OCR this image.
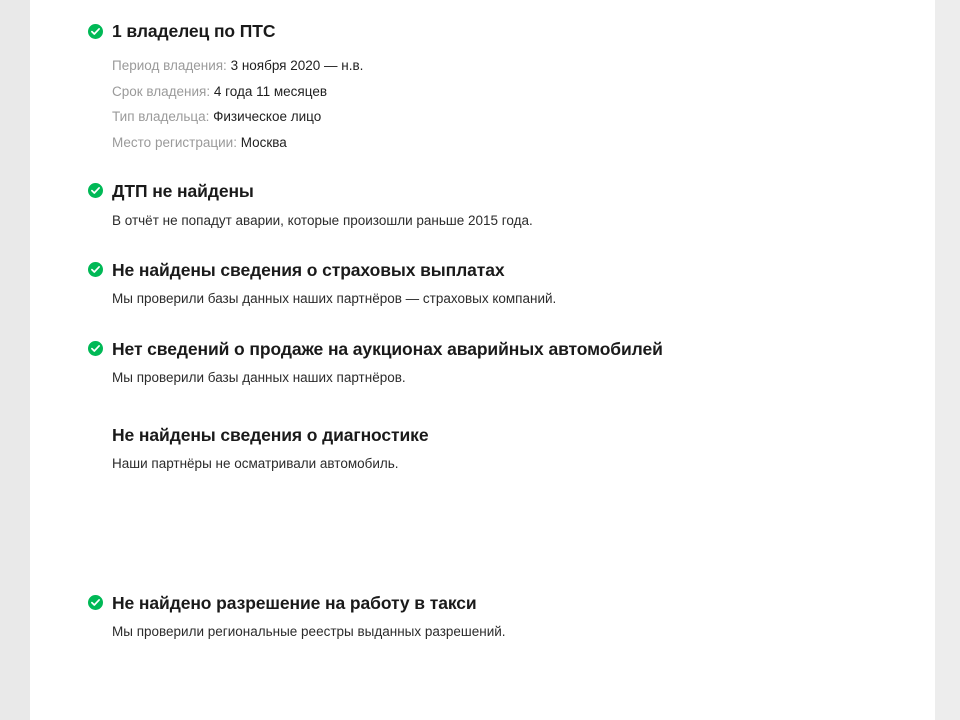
1 владелец по ПТС
Период владения: 3 ноября 2020 — н.в.
Срок владения: 4 года 11 месяцев
Тип владельца: Физическое лицо
Место регистрации: Москва
ДТП не найдены

В отчёт не попадут аварии, которые произошли раньше 2015 года.

Не найдены сведения о страховых выплатах

Мы проверили базы данных наших партнёров — страховых компаний.

Нет сведений о продаже на аукционах аварийных автомобилей

Мы проверили базы данных наших партнёров.

Не найдены сведения о диагностике

Наши партнёры не осматривали автомобиль.

Не найдено разрешение на работу в такси

Мы проверили региональные реестры выданных разрешений.
